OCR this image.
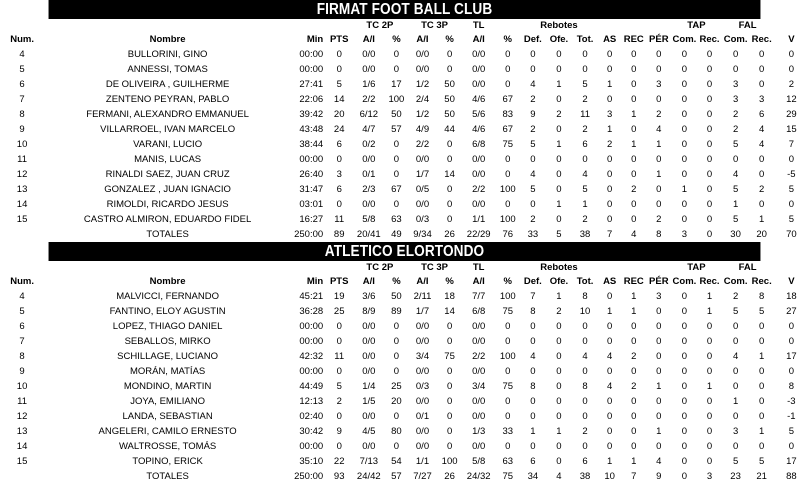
FIRMAT FOOT BALL CLUB
				TC 2P		TC 3P		TL		Rebotes						TAP		FAL		
Num.	Nombre	Min	PTS	A/I	%	A/I	%	A/I	%	Def.	Ofe.	Tot.	AS	REC	PÉR	Com.	Rec.	Com.	Rec.	V
4	BULLORINI, GINO	00:00	0	0/0	0	0/0	0	0/0	0	0	0	0	0	0	0	0	0	0	0	0
5	ANNESSI, TOMAS	00:00	0	0/0	0	0/0	0	0/0	0	0	0	0	0	0	0	0	0	0	0	0
6	DE OLIVEIRA , GUILHERME	27:41	5	1/6	17	1/2	50	0/0	0	4	1	5	1	0	3	0	0	3	0	2
7	ZENTENO PEYRAN, PABLO	22:06	14	2/2	100	2/4	50	4/6	67	2	0	2	0	0	0	0	0	3	3	12
8	FERMANI, ALEXANDRO EMMANUEL	39:42	20	6/12	50	1/2	50	5/6	83	9	2	11	3	1	2	0	0	2	6	29
9	VILLARROEL, IVAN MARCELO	43:48	24	4/7	57	4/9	44	4/6	67	2	0	2	1	0	4	0	0	2	4	15
10	VARANI, LUCIO	38:44	6	0/2	0	2/2	0	6/8	75	5	1	6	2	1	1	0	0	5	4	7
11	MANIS, LUCAS	00:00	0	0/0	0	0/0	0	0/0	0	0	0	0	0	0	0	0	0	0	0	0
12	RINALDI SAEZ, JUAN CRUZ	26:40	3	0/1	0	1/7	14	0/0	0	4	0	4	0	0	1	0	0	4	0	-5
13	GONZALEZ , JUAN IGNACIO	31:47	6	2/3	67	0/5	0	2/2	100	5	0	5	0	2	0	1	0	5	2	5
14	RIMOLDI, RICARDO JESUS	03:01	0	0/0	0	0/0	0	0/0	0	0	1	1	0	0	0	0	0	1	0	0
15	CASTRO ALMIRON, EDUARDO FIDEL	16:27	11	5/8	63	0/3	0	1/1	100	2	0	2	0	0	2	0	0	5	1	5
	TOTALES	250:00	89	20/41	49	9/34	26	22/29	76	33	5	38	7	4	8	3	0	30	20	70
ATLETICO ELORTONDO
				TC 2P		TC 3P		TL		Rebotes						TAP		FAL		
Num.	Nombre	Min	PTS	A/I	%	A/I	%	A/I	%	Def.	Ofe.	Tot.	AS	REC	PÉR	Com.	Rec.	Com.	Rec.	V
4	MALVICCI, FERNANDO	45:21	19	3/6	50	2/11	18	7/7	100	7	1	8	0	1	3	0	1	2	8	18
5	FANTINO, ELOY AGUSTIN	36:28	25	8/9	89	1/7	14	6/8	75	8	2	10	1	1	0	0	1	5	5	27
6	LOPEZ, THIAGO DANIEL	00:00	0	0/0	0	0/0	0	0/0	0	0	0	0	0	0	0	0	0	0	0	0
7	SEBALLOS, MIRKO	00:00	0	0/0	0	0/0	0	0/0	0	0	0	0	0	0	0	0	0	0	0	0
8	SCHILLAGE, LUCIANO	42:32	11	0/0	0	3/4	75	2/2	100	4	0	4	4	2	0	0	0	4	1	17
9	MORÁN, MATÍAS	00:00	0	0/0	0	0/0	0	0/0	0	0	0	0	0	0	0	0	0	0	0	0
10	MONDINO, MARTIN	44:49	5	1/4	25	0/3	0	3/4	75	8	0	8	4	2	1	0	1	0	0	8
11	JOYA, EMILIANO	12:13	2	1/5	20	0/0	0	0/0	0	0	0	0	0	0	0	0	0	1	0	-3
12	LANDA, SEBASTIAN	02:40	0	0/0	0	0/1	0	0/0	0	0	0	0	0	0	0	0	0	0	0	-1
13	ANGELERI, CAMILO ERNESTO	30:42	9	4/5	80	0/0	0	1/3	33	1	1	2	0	0	1	0	0	3	1	5
14	WALTROSSE, TOMÁS	00:00	0	0/0	0	0/0	0	0/0	0	0	0	0	0	0	0	0	0	0	0	0
15	TOPINO, ERICK	35:10	22	7/13	54	1/1	100	5/8	63	6	0	6	1	1	4	0	0	5	5	17
	TOTALES	250:00	93	24/42	57	7/27	26	24/32	75	34	4	38	10	7	9	0	3	23	21	88
